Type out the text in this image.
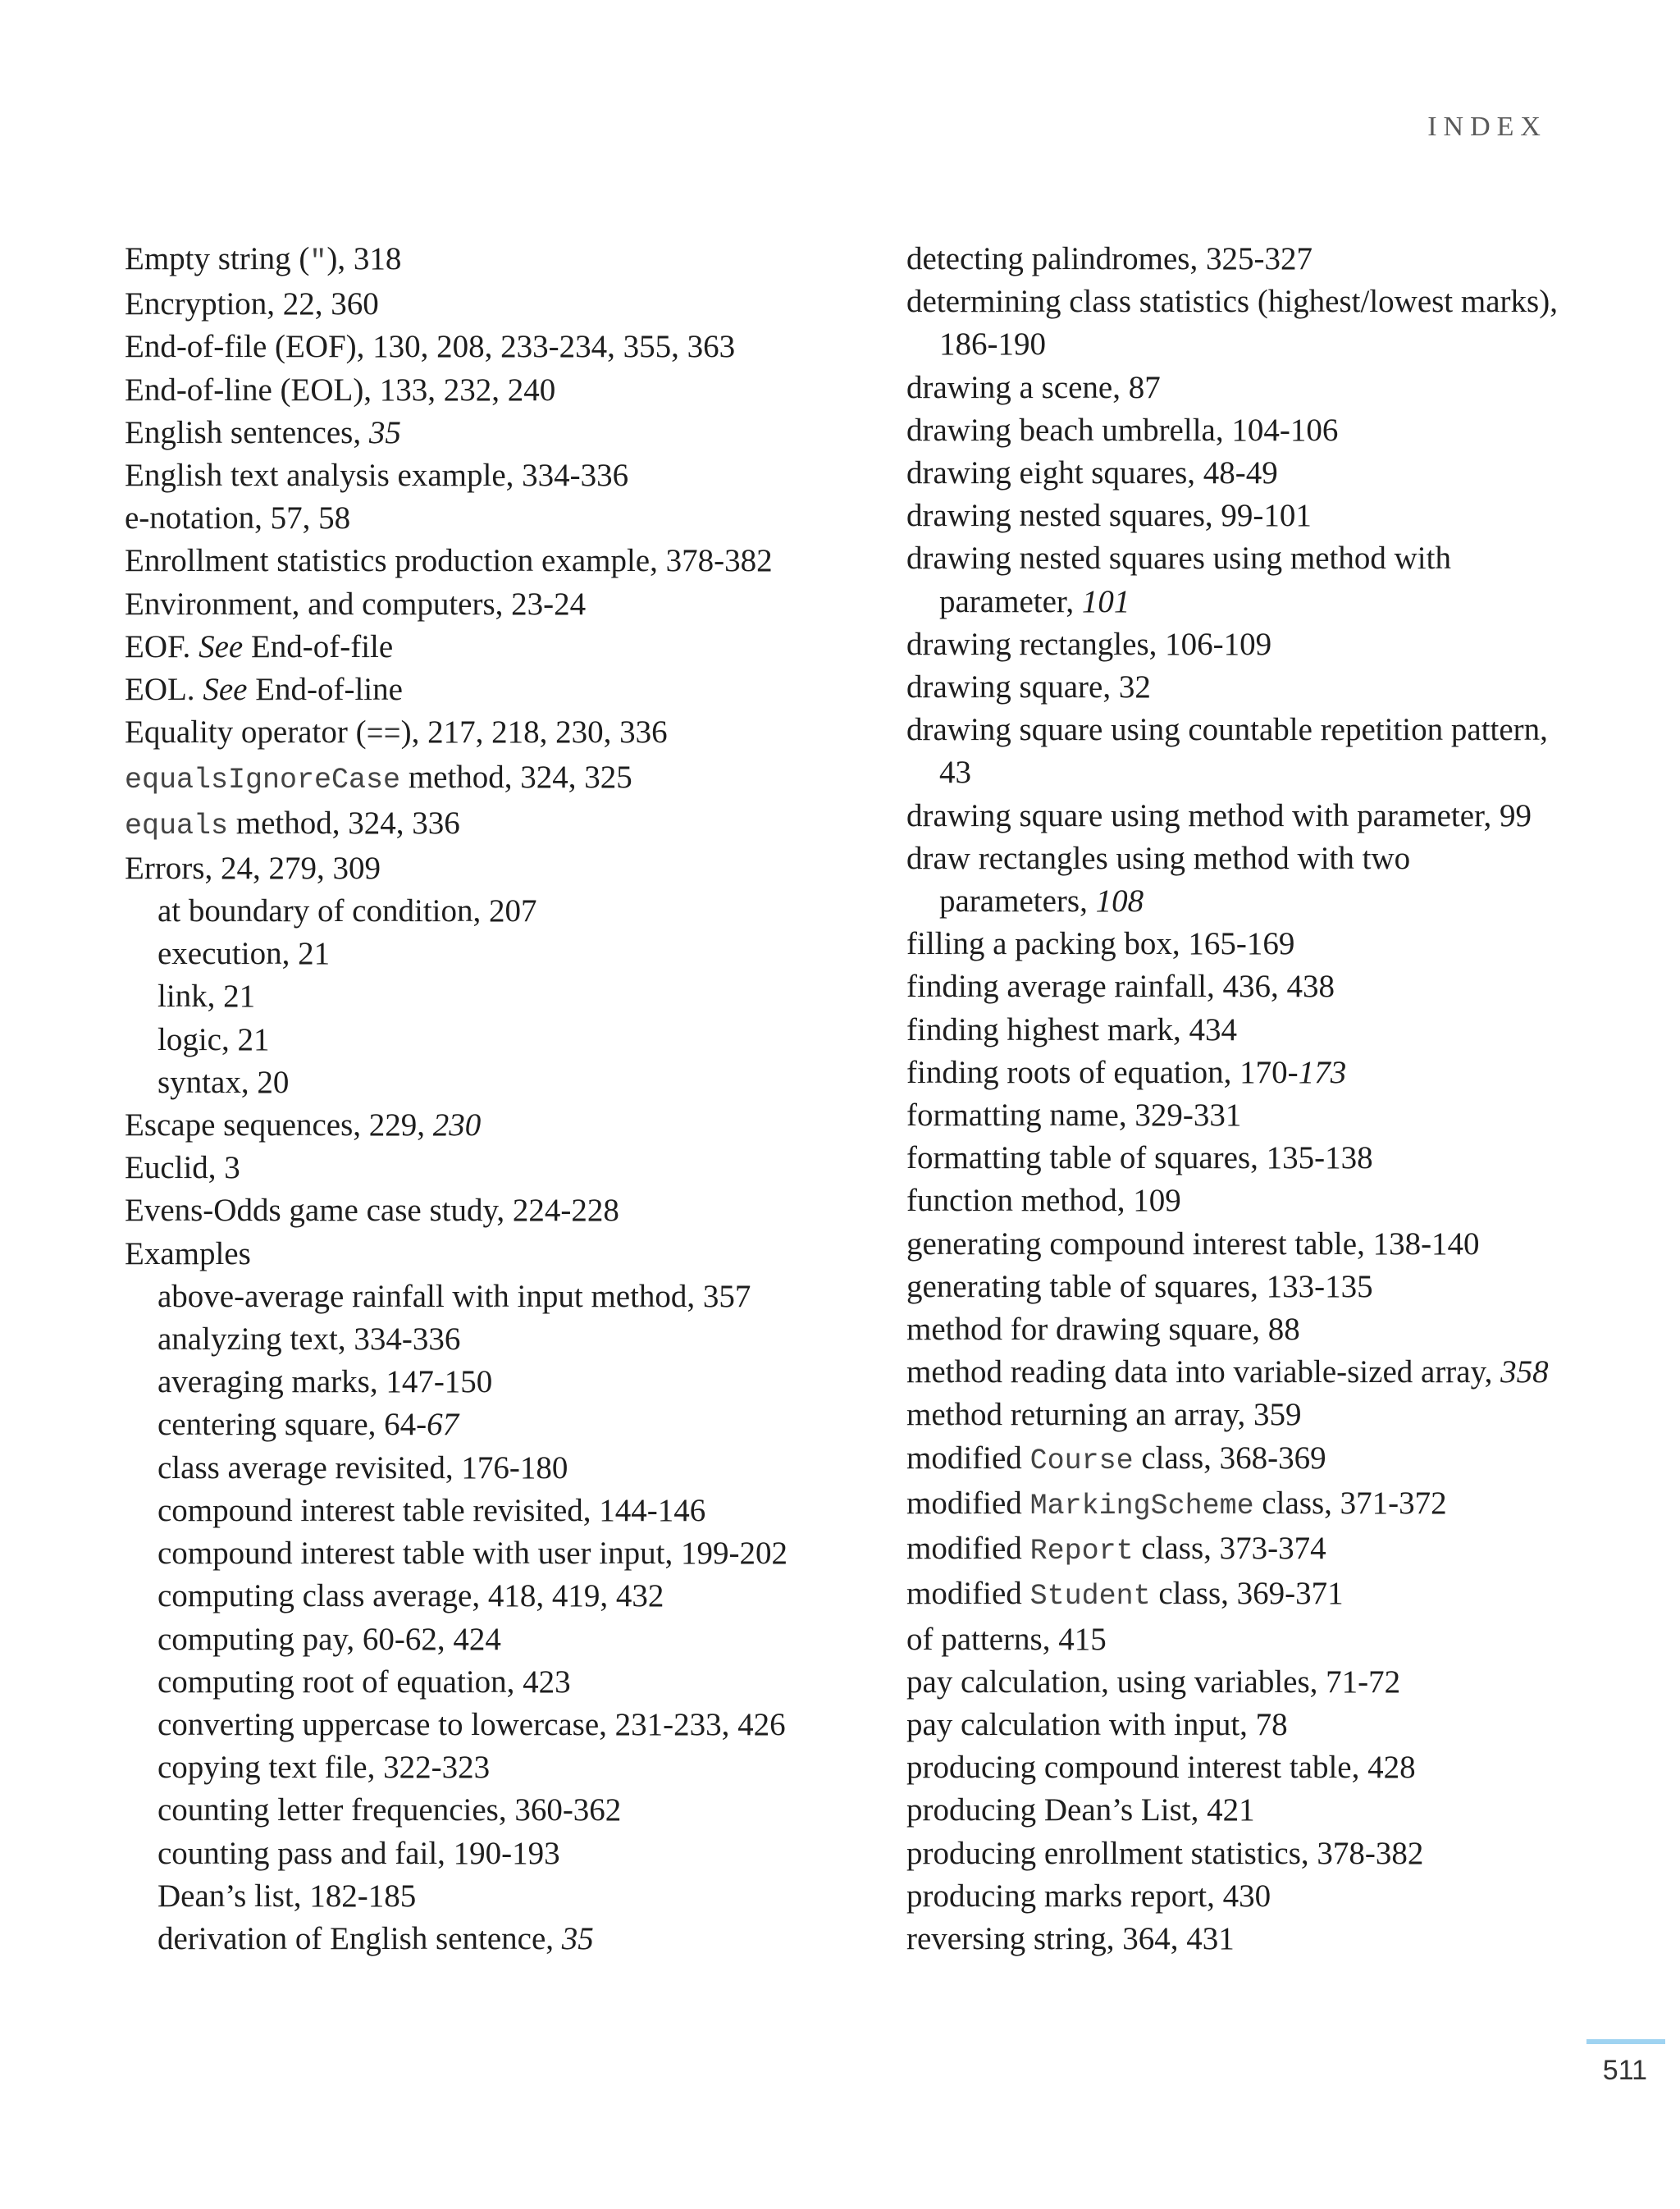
INDEX
Empty string ("), 318
Encryption, 22, 360
End-of-file (EOF), 130, 208, 233-234, 355, 363
End-of-line (EOL), 133, 232, 240
English sentences, 35
English text analysis example, 334-336
e-notation, 57, 58
Enrollment statistics production example, 378-382
Environment, and computers, 23-24
EOF. See End-of-file
EOL. See End-of-line
Equality operator (==), 217, 218, 230, 336
equalsIgnoreCase method, 324, 325
equals method, 324, 336
Errors, 24, 279, 309
at boundary of condition, 207
execution, 21
link, 21
logic, 21
syntax, 20
Escape sequences, 229, 230
Euclid, 3
Evens-Odds game case study, 224-228
Examples
above-average rainfall with input method, 357
analyzing text, 334-336
averaging marks, 147-150
centering square, 64-67
class average revisited, 176-180
compound interest table revisited, 144-146
compound interest table with user input, 199-202
computing class average, 418, 419, 432
computing pay, 60-62, 424
computing root of equation, 423
converting uppercase to lowercase, 231-233, 426
copying text file, 322-323
counting letter frequencies, 360-362
counting pass and fail, 190-193
Dean’s list, 182-185
derivation of English sentence, 35
detecting palindromes, 325-327
determining class statistics (highest/lowest marks), 186-190
drawing a scene, 87
drawing beach umbrella, 104-106
drawing eight squares, 48-49
drawing nested squares, 99-101
drawing nested squares using method with parameter, 101
drawing rectangles, 106-109
drawing square, 32
drawing square using countable repetition pattern, 43
drawing square using method with parameter, 99
draw rectangles using method with two parameters, 108
filling a packing box, 165-169
finding average rainfall, 436, 438
finding highest mark, 434
finding roots of equation, 170-173
formatting name, 329-331
formatting table of squares, 135-138
function method, 109
generating compound interest table, 138-140
generating table of squares, 133-135
method for drawing square, 88
method reading data into variable-sized array, 358
method returning an array, 359
modified Course class, 368-369
modified MarkingScheme class, 371-372
modified Report class, 373-374
modified Student class, 369-371
of patterns, 415
pay calculation, using variables, 71-72
pay calculation with input, 78
producing compound interest table, 428
producing Dean’s List, 421
producing enrollment statistics, 378-382
producing marks report, 430
reversing string, 364, 431
511
